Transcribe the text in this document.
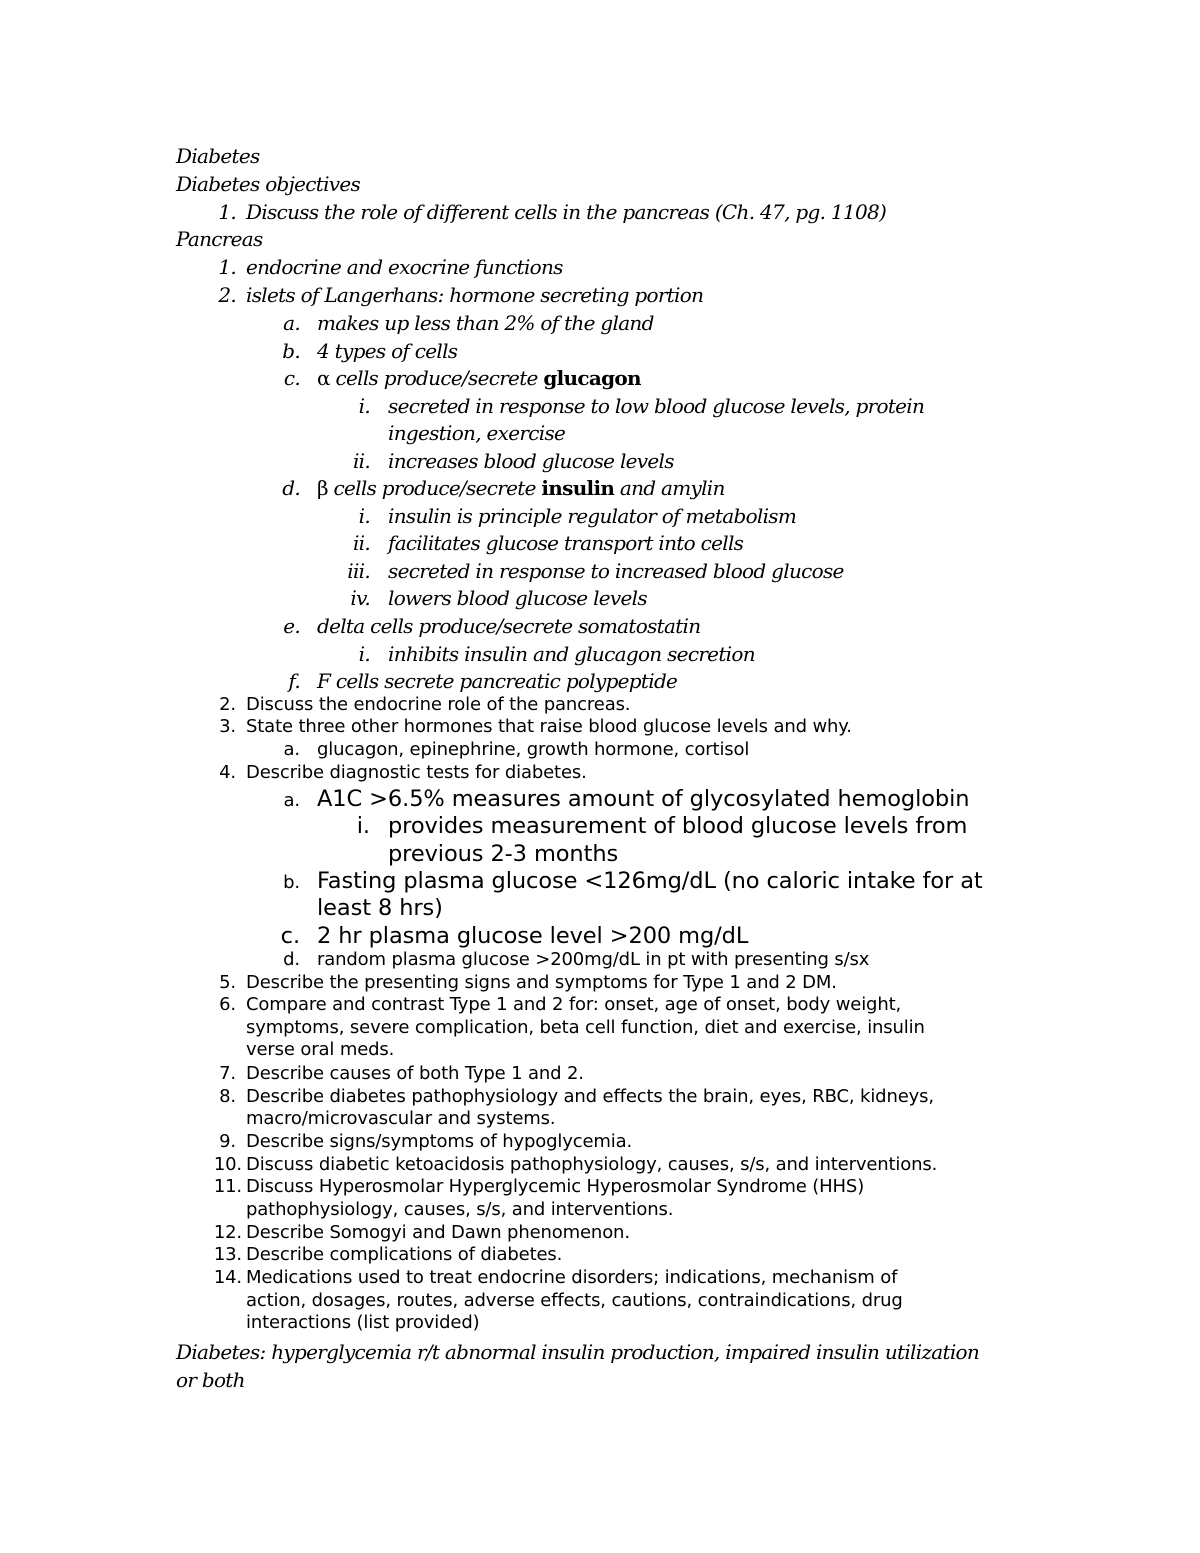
Diabetes
Diabetes objectives
1. Discuss the role of different cells in the pancreas (Ch. 47, pg. 1108)
Pancreas
1. endocrine and exocrine functions
2. islets of Langerhans: hormone secreting portion
a. makes up less than 2% of the gland
b. 4 types of cells
c. α cells produce/secrete glucagon
i. secreted in response to low blood glucose levels, protein
ingestion, exercise
ii. increases blood glucose levels
d. β cells produce/secrete insulin and amylin
i. insulin is principle regulator of metabolism
ii. facilitates glucose transport into cells
iii. secreted in response to increased blood glucose
iv. lowers blood glucose levels
e. delta cells produce/secrete somatostatin
i. inhibits insulin and glucagon secretion
f. F cells secrete pancreatic polypeptide
2. Discuss the endocrine role of the pancreas.
3. State three other hormones that raise blood glucose levels and why.
a. glucagon, epinephrine, growth hormone, cortisol
4. Describe diagnostic tests for diabetes.
a. A1C >6.5% measures amount of glycosylated hemoglobin
i. provides measurement of blood glucose levels from
previous 2-3 months
b. Fasting plasma glucose <126mg/dL (no caloric intake for at
least 8 hrs)
c. 2 hr plasma glucose level >200 mg/dL
d. random plasma glucose >200mg/dL in pt with presenting s/sx
5. Describe the presenting signs and symptoms for Type 1 and 2 DM.
6. Compare and contrast Type 1 and 2 for: onset, age of onset, body weight,
symptoms, severe complication, beta cell function, diet and exercise, insulin
verse oral meds.
7. Describe causes of both Type 1 and 2.
8. Describe diabetes pathophysiology and effects the brain, eyes, RBC, kidneys,
macro/microvascular and systems.
9. Describe signs/symptoms of hypoglycemia.
10. Discuss diabetic ketoacidosis pathophysiology, causes, s/s, and interventions.
11. Discuss Hyperosmolar Hyperglycemic Hyperosmolar Syndrome (HHS)
pathophysiology, causes, s/s, and interventions.
12. Describe Somogyi and Dawn phenomenon.
13. Describe complications of diabetes.
14. Medications used to treat endocrine disorders; indications, mechanism of
action, dosages, routes, adverse effects, cautions, contraindications, drug
interactions (list provided)
Diabetes: hyperglycemia r/t abnormal insulin production, impaired insulin utilization
or both
